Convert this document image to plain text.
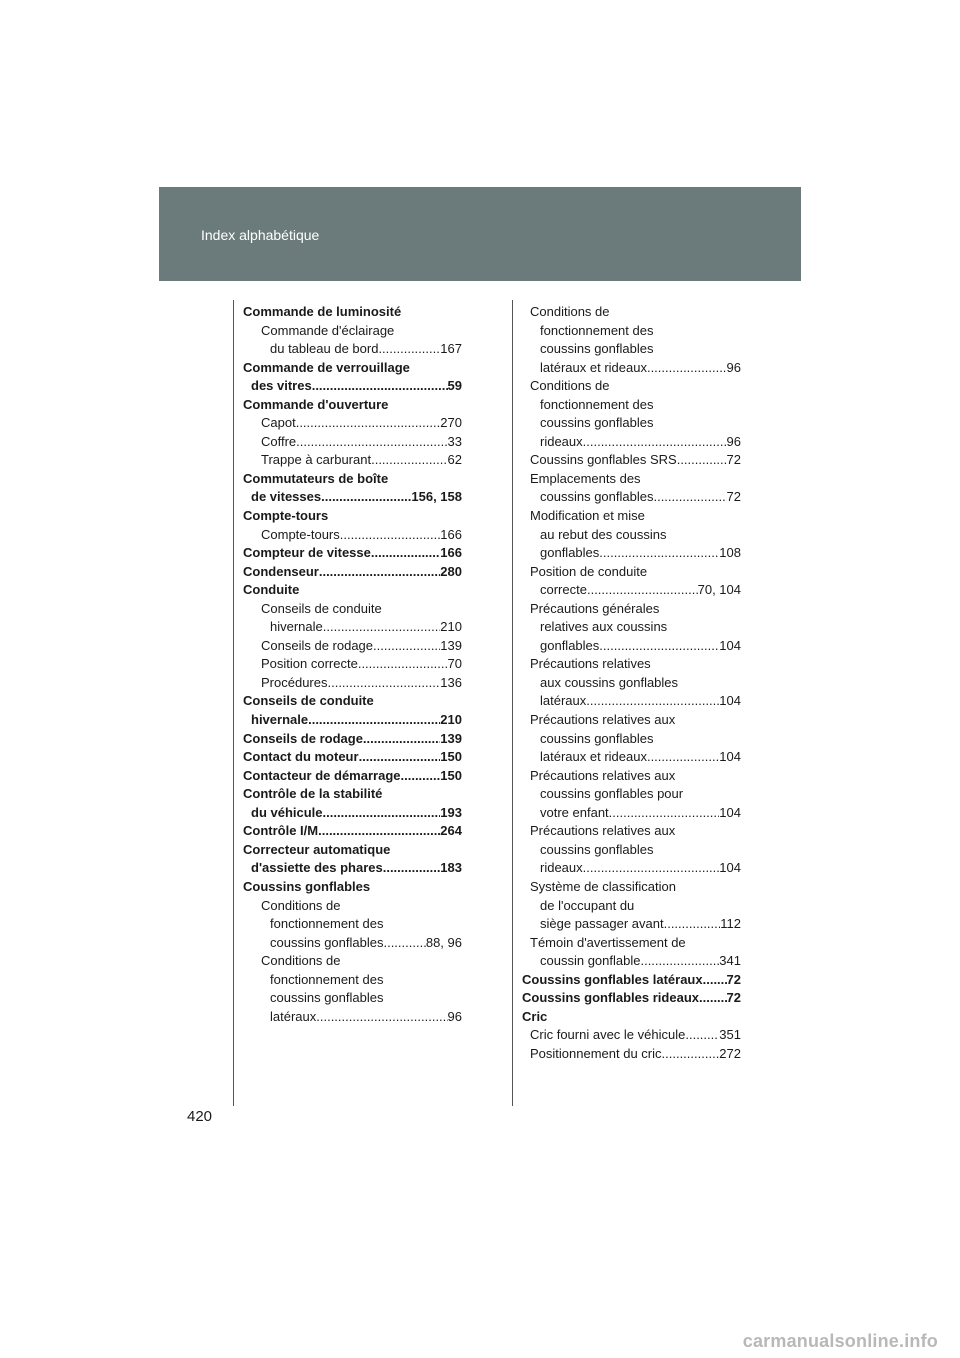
Index alphabétique
Commande de luminosité
Commande d'éclairage
du tableau de bord .....	167
Commande de verrouillage
des vitres .....	59
Commande d'ouverture
Capot .....	270
Coffre .....	33
Trappe à carburant .....	62
Commutateurs de boîte
de vitesses .....	156, 158
Compte-tours
Compte-tours .....	166
Compteur de vitesse .....	166
Condenseur .....	280
Conduite
Conseils de conduite
hivernale .....	210
Conseils de rodage .....	139
Position correcte .....	70
Procédures .....	136
Conseils de conduite
hivernale .....	210
Conseils de rodage .....	139
Contact du moteur .....	150
Contacteur de démarrage .....	150
Contrôle de la stabilité
du véhicule .....	193
Contrôle I/M .....	264
Correcteur automatique
d'assiette des phares .....	183
Coussins gonflables
Conditions de
fonctionnement des
coussins gonflables .....	88, 96
Conditions de
fonctionnement des
coussins gonflables
latéraux .....	96
Conditions de
fonctionnement des
coussins gonflables
latéraux et rideaux .....	96
Conditions de
fonctionnement des
coussins gonflables
rideaux .....	96
Coussins gonflables SRS .....	72
Emplacements des
coussins gonflables .....	72
Modification et mise
au rebut des coussins
gonflables .....	108
Position de conduite
correcte .....	70, 104
Précautions générales
relatives aux coussins
gonflables .....	104
Précautions relatives
aux coussins gonflables
latéraux .....	104
Précautions relatives aux
coussins gonflables
latéraux et rideaux .....	104
Précautions relatives aux
coussins gonflables pour
votre enfant .....	104
Précautions relatives aux
coussins gonflables
rideaux .....	104
Système de classification
de l'occupant du
siège passager avant .....	112
Témoin d'avertissement de
coussin gonflable .....	341
Coussins gonflables latéraux ..... 72
Coussins gonflables rideaux ..... 72
Cric
Cric fourni avec le véhicule .....	351
Positionnement du cric .....	272
420
carmanualsonline.info
